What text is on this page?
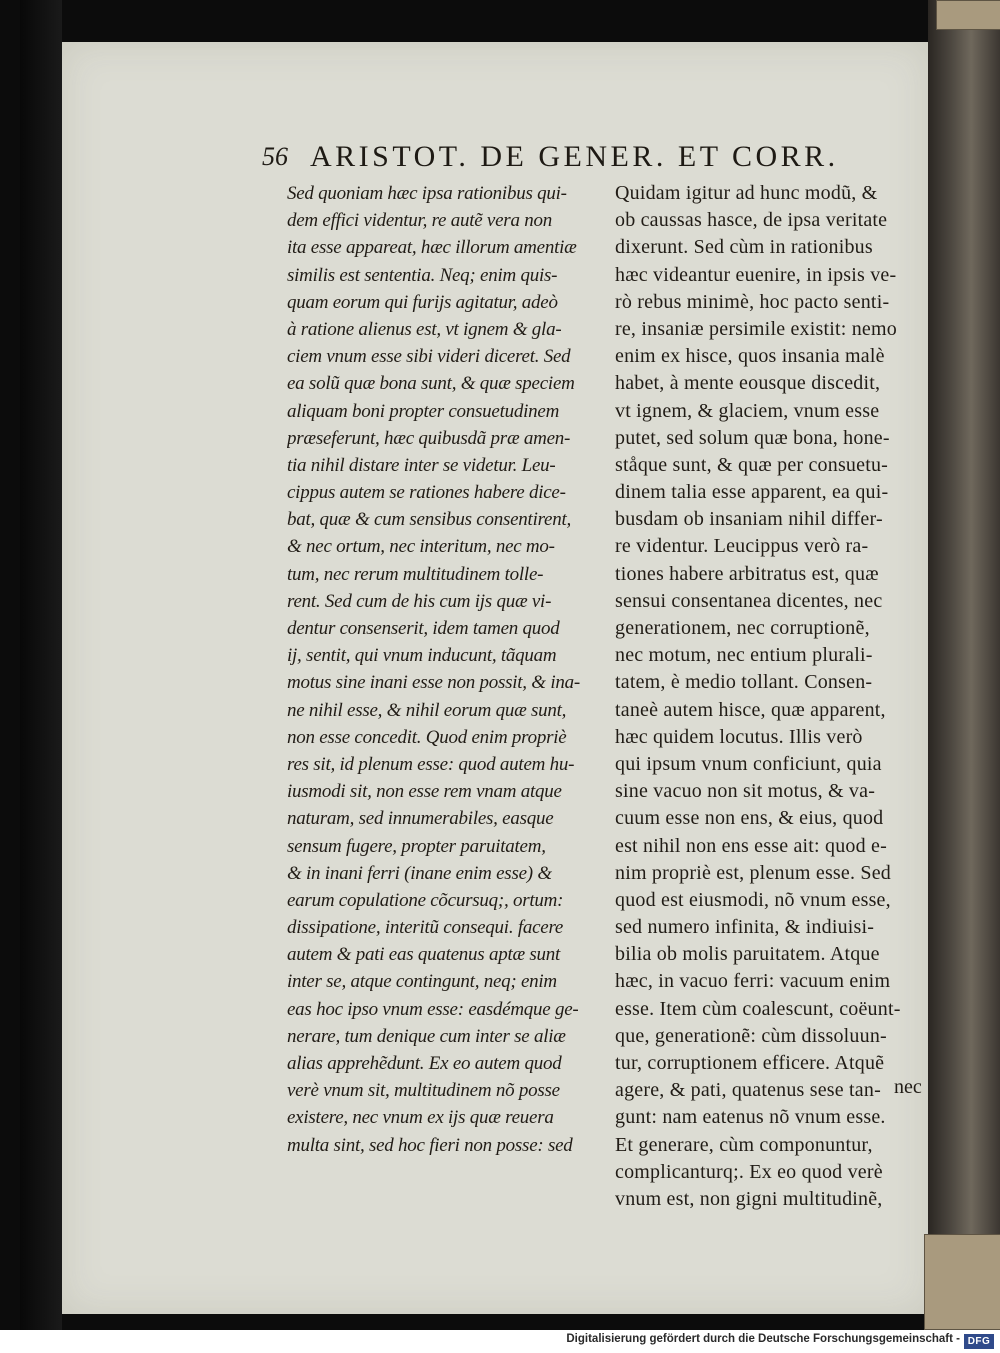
56 ARISTOT. DE GENER. ET CORR.
Sed quoniam hæc ipsa rationibus qui-
dem effici videntur, re autẽ vera non
ita esse appareat, hæc illorum amentiæ
similis est sententia. Neq; enim quis-
quam eorum qui furijs agitatur, adeò
à ratione alienus est, vt ignem & gla-
ciem vnum esse sibi videri diceret. Sed
ea solũ quæ bona sunt, & quæ speciem
aliquam boni propter consuetudinem
præseferunt, hæc quibusdã præ amen-
tia nihil distare inter se videtur. Leu-
cippus autem se rationes habere dice-
bat, quæ & cum sensibus consentirent,
& nec ortum, nec interitum, nec mo-
tum, nec rerum multitudinem tolle-
rent. Sed cum de his cum ijs quæ vi-
dentur consenserit, idem tamen quod
ij, sentit, qui vnum inducunt, tãquam
motus sine inani esse non possit, & ina-
ne nihil esse, & nihil eorum quæ sunt,
non esse concedit. Quod enim propriè
res sit, id plenum esse: quod autem hu-
iusmodi sit, non esse rem vnam atque
naturam, sed innumerabiles, easque
sensum fugere, propter paruitatem,
& in inani ferri (inane enim esse) &
earum copulatione cõcursuq;, ortum:
dissipatione, interitũ consequi. facere
autem & pati eas quatenus aptæ sunt
inter se, atque contingunt, neq; enim
eas hoc ipso vnum esse: easdémque ge-
nerare, tum denique cum inter se aliæ
alias apprehẽdunt. Ex eo autem quod
verè vnum sit, multitudinem nõ posse
existere, nec vnum ex ijs quæ reuera
multa sint, sed hoc fieri non posse: sed
Quidam igitur ad hunc modũ, &
ob caussas hasce, de ipsa veritate
dixerunt. Sed cùm in rationibus
hæc videantur euenire, in ipsis ve-
rò rebus minimè, hoc pacto senti-
re, insaniæ persimile existit: nemo
enim ex hisce, quos insania malè
habet, à mente eousque discedit,
vt ignem, & glaciem, vnum esse
putet, sed solum quæ bona, hone-
ståque sunt, & quæ per consuetu-
dinem talia esse apparent, ea qui-
busdam ob insaniam nihil differ-
re videntur. Leucippus verò ra-
tiones habere arbitratus est, quæ
sensui consentanea dicentes, nec
generationem, nec corruptionẽ,
nec motum, nec entium plurali-
tatem, è medio tollant. Consen-
taneè autem hisce, quæ apparent,
hæc quidem locutus. Illis verò
qui ipsum vnum conficiunt, quia
sine vacuo non sit motus, & va-
cuum esse non ens, & eius, quod
est nihil non ens esse ait: quod e-
nim propriè est, plenum esse. Sed
quod est eiusmodi, nõ vnum esse,
sed numero infinita, & indiuisi-
bilia ob molis paruitatem. Atque
hæc, in vacuo ferri: vacuum enim
esse. Item cùm coalescunt, coëunt-
que, generationẽ: cùm dissoluun-
tur, corruptionem efficere. Atquẽ
agere, & pati, quatenus sese tan-
gunt: nam eatenus nõ vnum esse.
Et generare, cùm componuntur,
complicanturq;. Ex eo quod verè
vnum est, non gigni multitudinẽ,
nec
Digitalisierung gefördert durch die Deutsche Forschungsgemeinschaft - DFG
